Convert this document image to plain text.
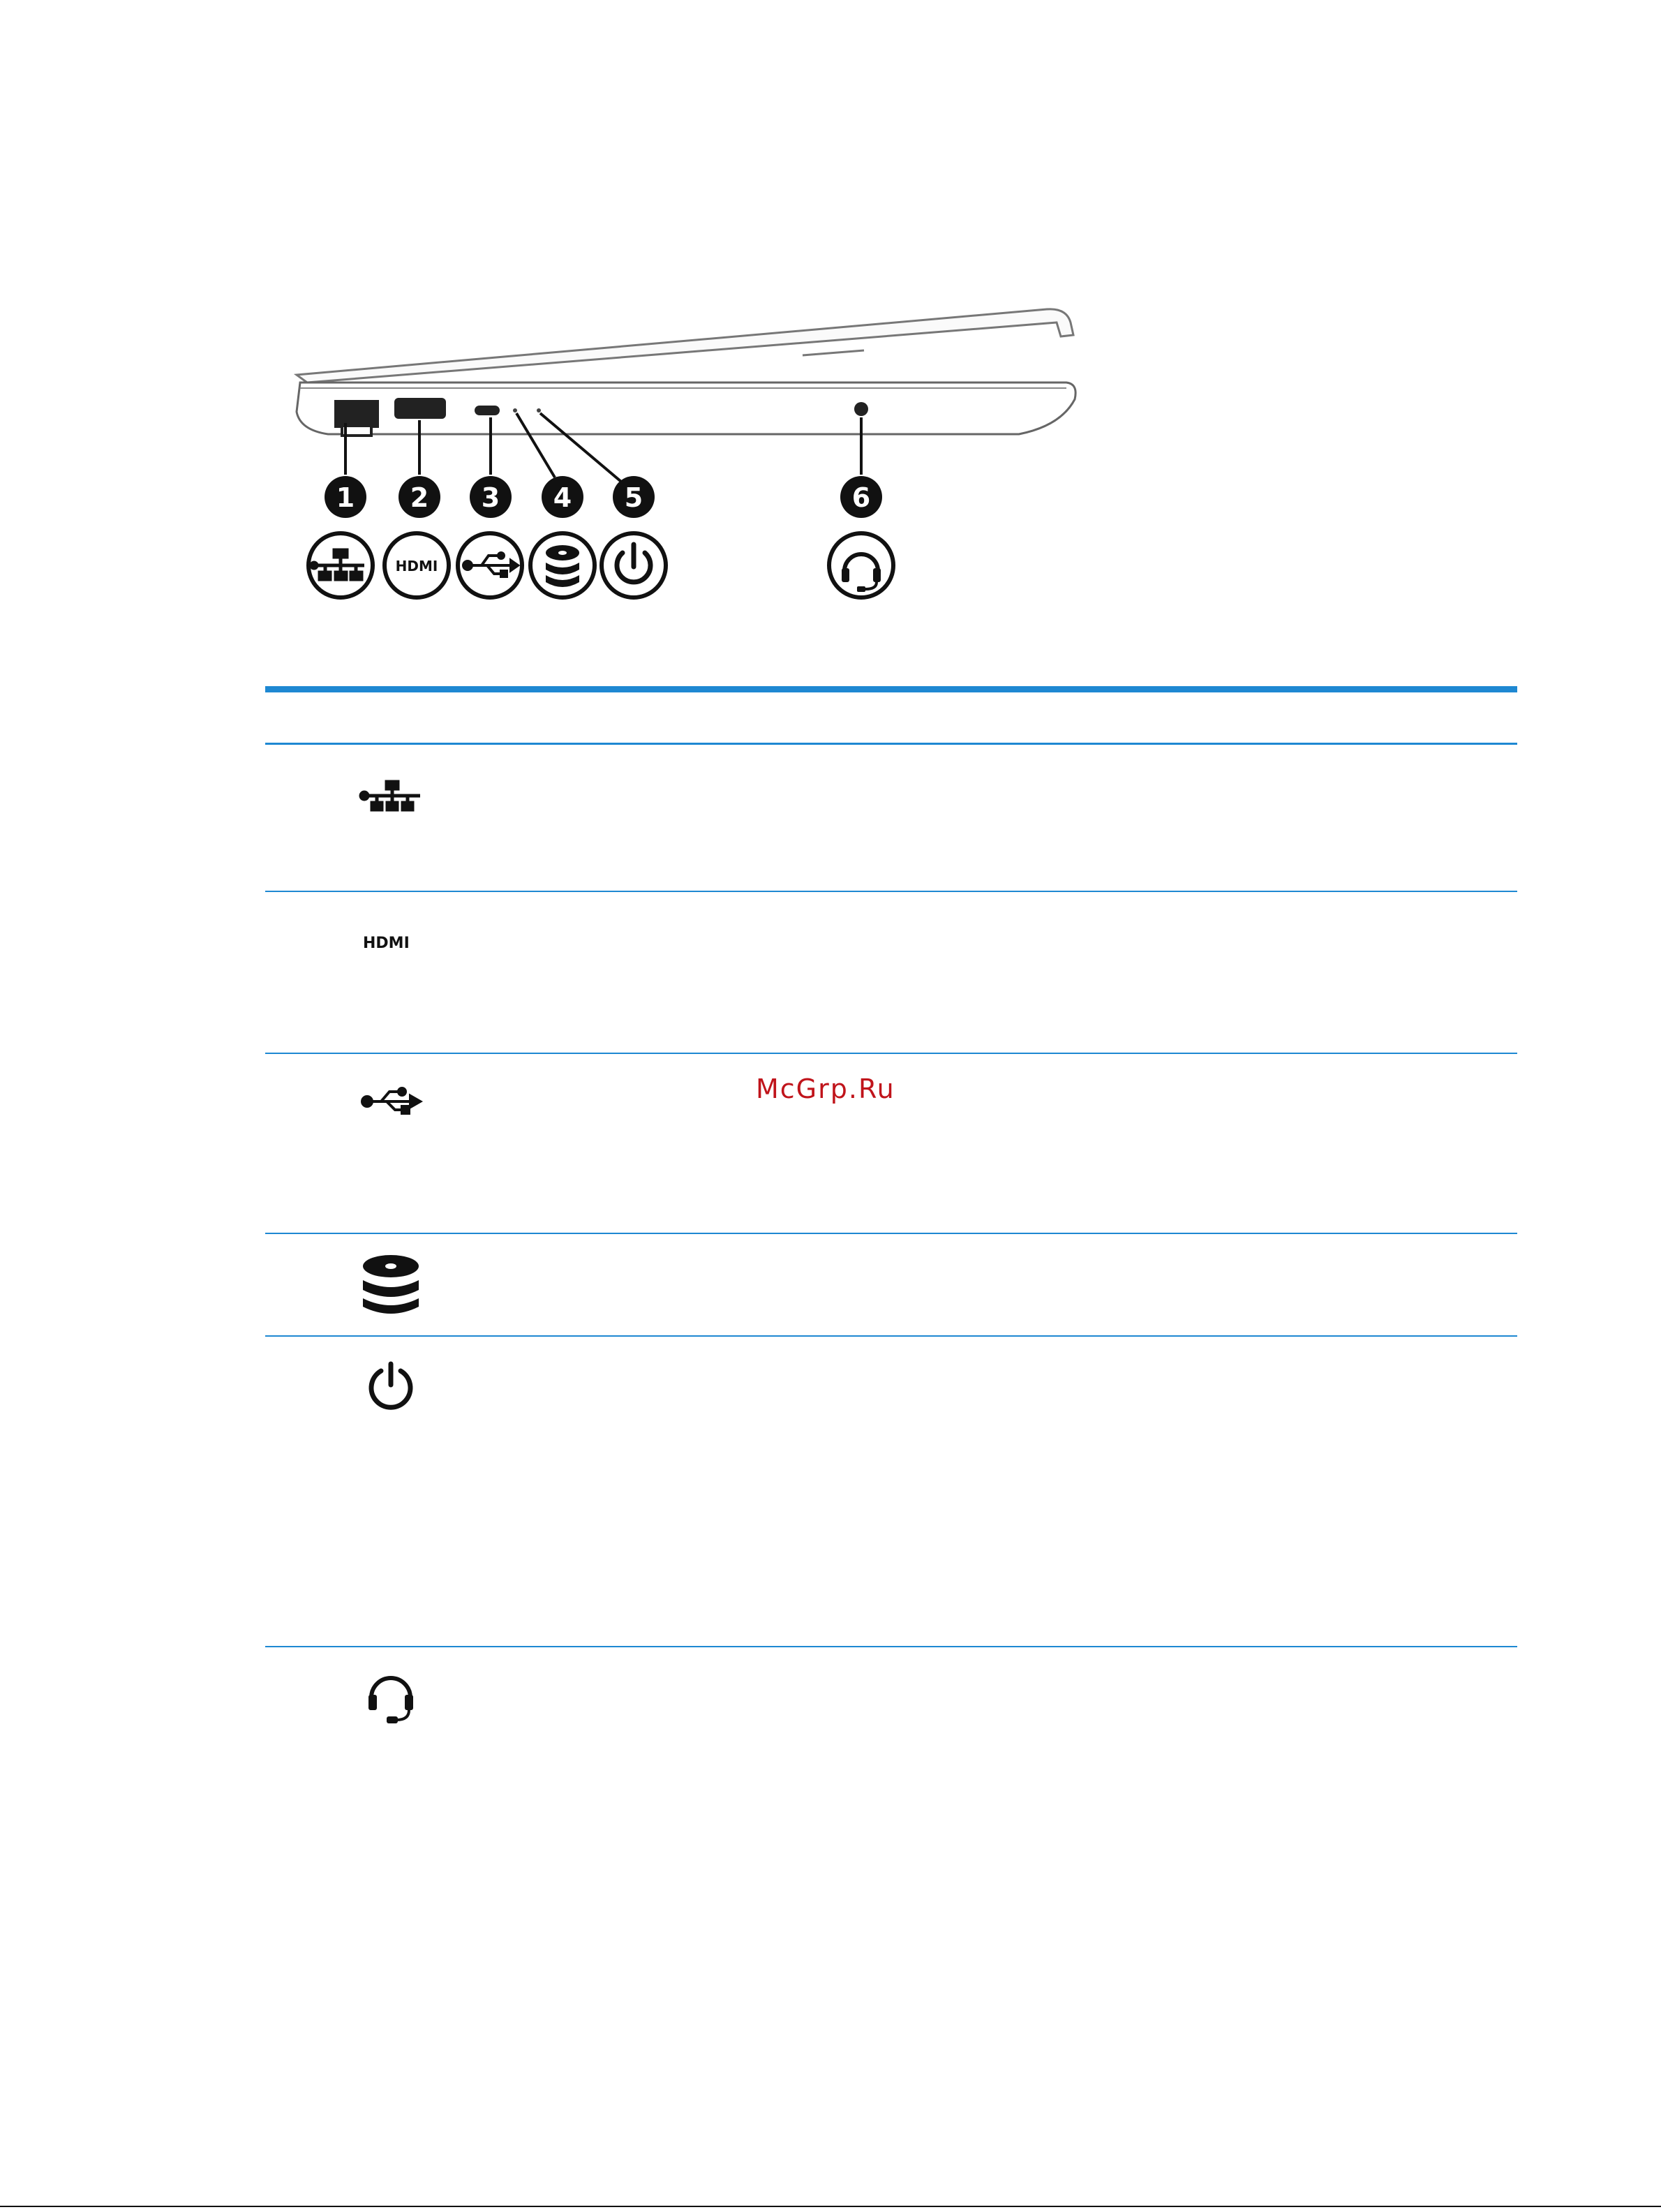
1 2 3 4 5	6
HDMI
HDMI
McGrp.Ru
